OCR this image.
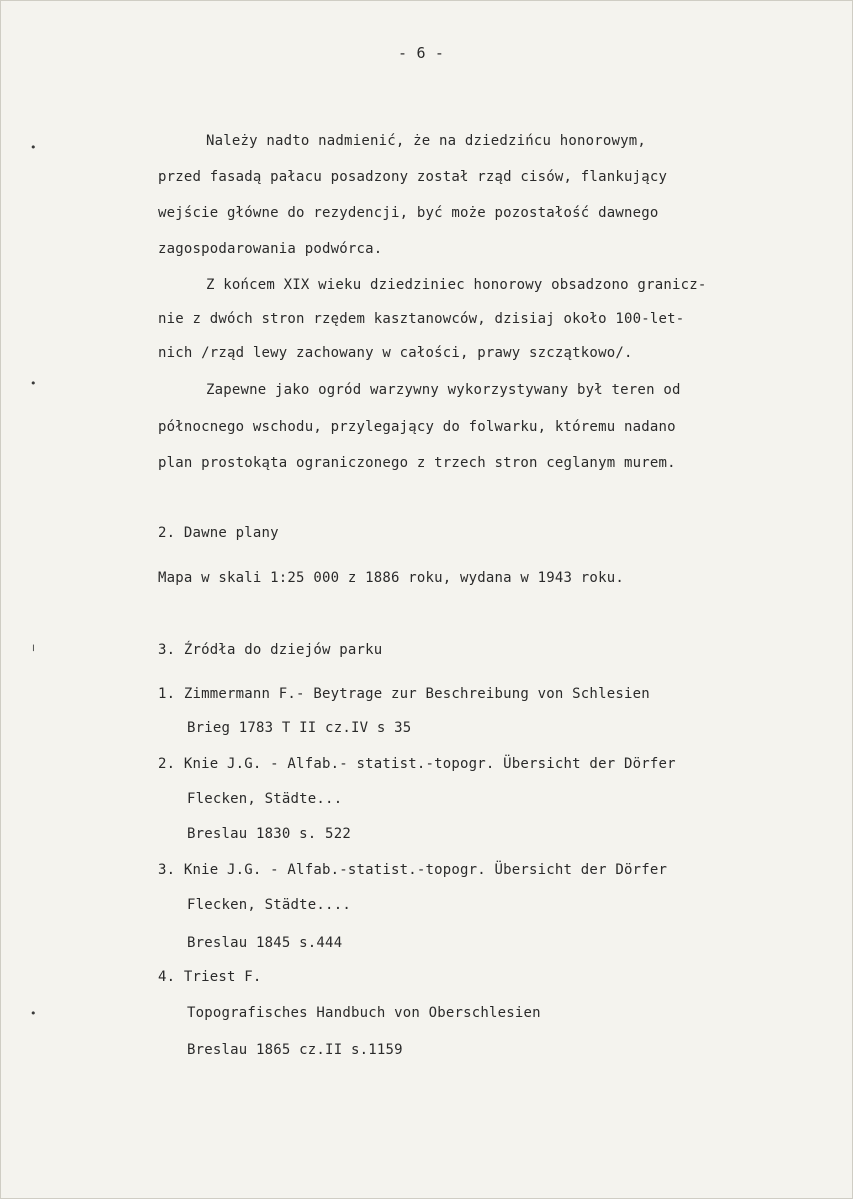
- 6 -
Należy nadto nadmienić, że na dziedzińcu honorowym,
przed fasadą pałacu posadzony został rząd cisów, flankujący
wejście główne do rezydencji, być może pozostałość dawnego
zagospodarowania podwórca.
Z końcem XIX wieku dziedziniec honorowy obsadzono granicz-
nie z dwóch stron rzędem kasztanowców, dzisiaj około 100-let-
nich /rząd lewy zachowany w całości, prawy szczątkowo/.
Zapewne jako ogród warzywny wykorzystywany był teren od
północnego wschodu, przylegający do folwarku, któremu nadano
plan prostokąta ograniczonego z trzech stron ceglanym murem.
2. Dawne plany
Mapa w skali 1:25 000 z 1886 roku, wydana w 1943 roku.
3. Źródła do dziejów parku
1. Zimmermann F.- Beytrage zur Beschreibung von Schlesien
Brieg 1783 T II cz.IV s 35
2. Knie J.G. - Alfab.- statist.-topogr. Übersicht der Dörfer
Flecken, Städte...
Breslau 1830 s. 522
3. Knie J.G. - Alfab.-statist.-topogr. Übersicht der Dörfer
Flecken, Städte....
Breslau 1845 s.444
4. Triest F.
Topografisches Handbuch von Oberschlesien
Breslau 1865 cz.II s.1159
•
•
╵
•
